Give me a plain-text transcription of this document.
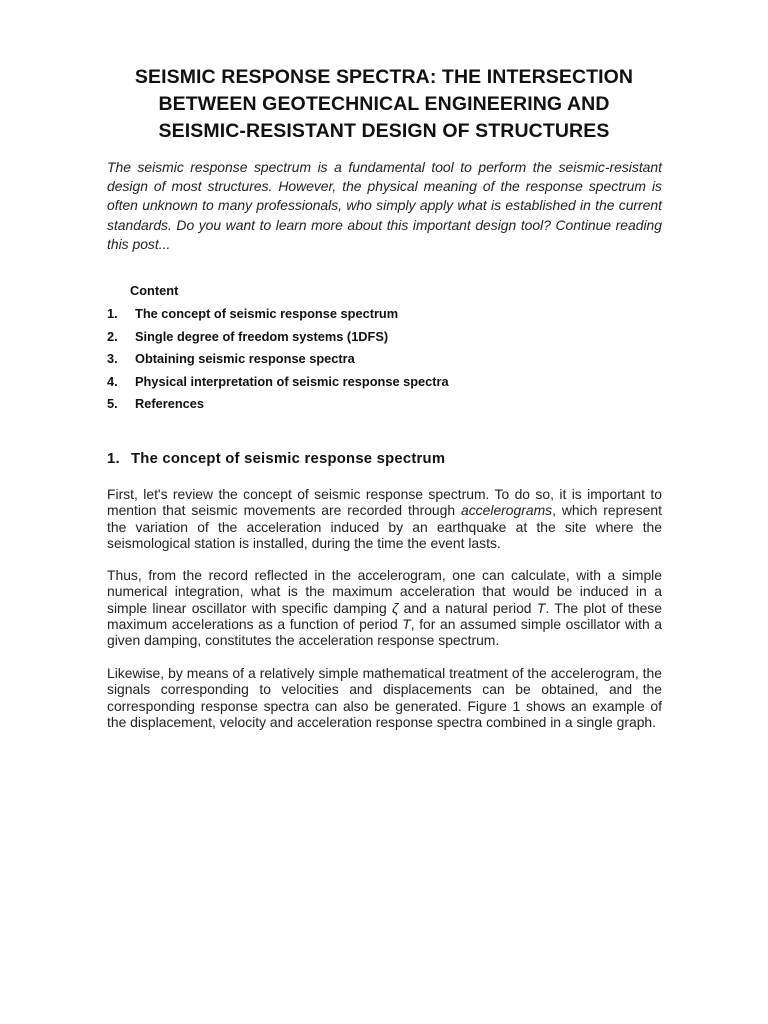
SEISMIC RESPONSE SPECTRA: THE INTERSECTION
BETWEEN GEOTECHNICAL ENGINEERING AND
SEISMIC-RESISTANT DESIGN OF STRUCTURES

The seismic response spectrum is a fundamental tool to perform the seismic-resistant design of most structures. However, the physical meaning of the response spectrum is often unknown to many professionals, who simply apply what is established in the current standards. Do you want to learn more about this important design tool? Continue reading this post...

Content
1. The concept of seismic response spectrum
2. Single degree of freedom systems (1DFS)
3. Obtaining seismic response spectra
4. Physical interpretation of seismic response spectra
5. References
1. The concept of seismic response spectrum

First, let's review the concept of seismic response spectrum. To do so, it is important to mention that seismic movements are recorded through accelerograms, which represent the variation of the acceleration induced by an earthquake at the site where the seismological station is installed, during the time the event lasts.

Thus, from the record reflected in the accelerogram, one can calculate, with a simple numerical integration, what is the maximum acceleration that would be induced in a simple linear oscillator with specific damping ζ and a natural period T. The plot of these maximum accelerations as a function of period T, for an assumed simple oscillator with a given damping, constitutes the acceleration response spectrum.

Likewise, by means of a relatively simple mathematical treatment of the accelerogram, the signals corresponding to velocities and displacements can be obtained, and the corresponding response spectra can also be generated. Figure 1 shows an example of the displacement, velocity and acceleration response spectra combined in a single graph.
